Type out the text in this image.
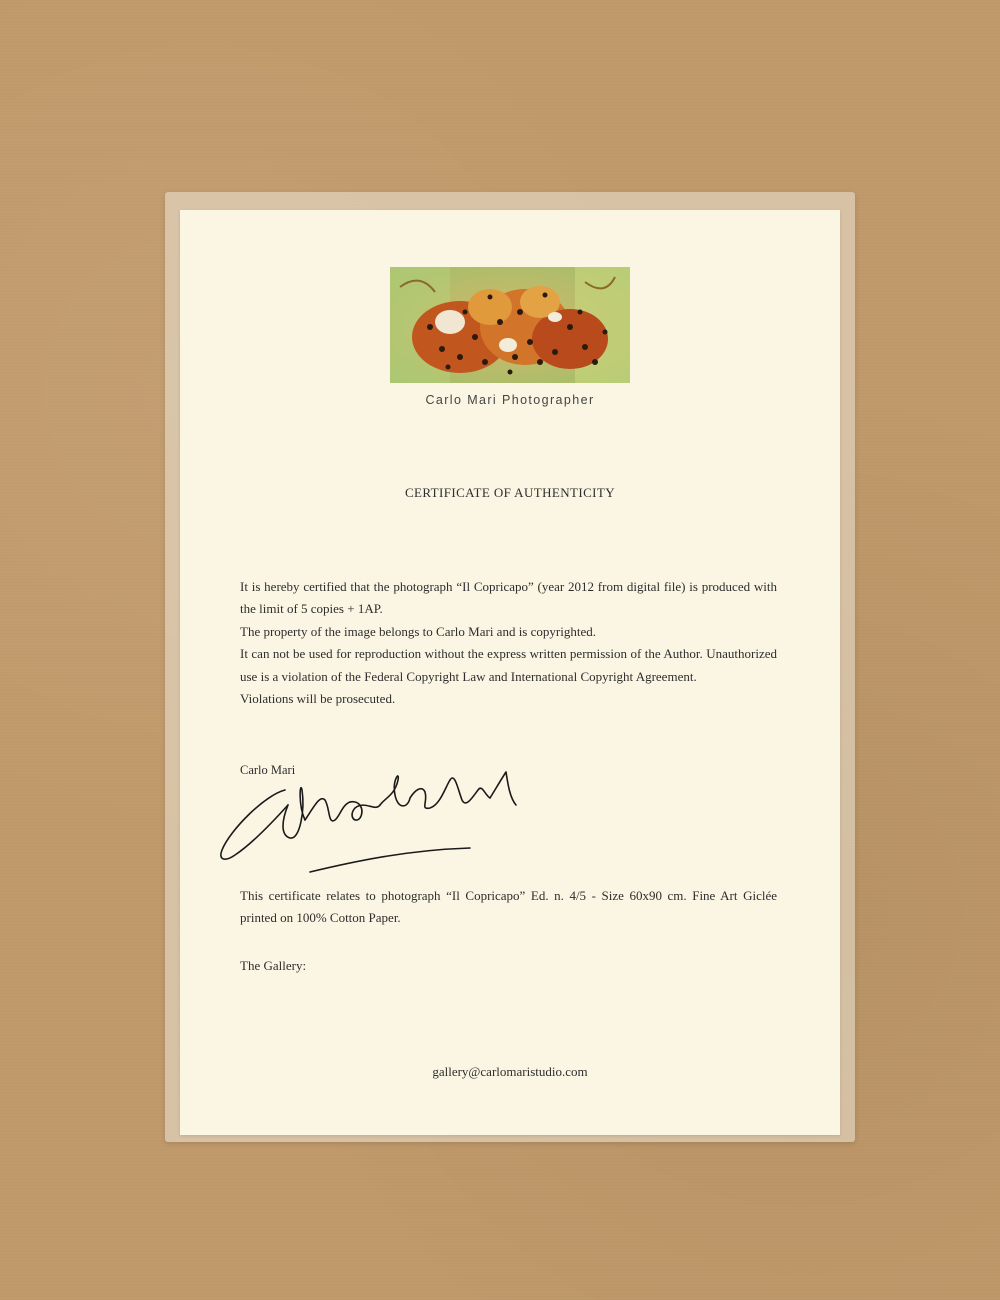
Carlo Mari Photographer
CERTIFICATE OF AUTHENTICITY

It is hereby certified that the photograph “Il Copricapo” (year 2012 from digital file) is produced with the limit of 5 copies + 1AP.

The property of the image belongs to Carlo Mari and is copyrighted.

It can not be used for reproduction without the express written permission of the Author. Unauthorized use is a violation of the Federal Copyright Law and International Copyright Agreement.

Violations will be prosecuted.

Carlo Mari
This certificate relates to photograph “Il Copricapo” Ed. n. 4/5 - Size 60x90 cm. Fine Art Giclée printed on 100% Cotton Paper.
The Gallery:
gallery@carlomaristudio.com
